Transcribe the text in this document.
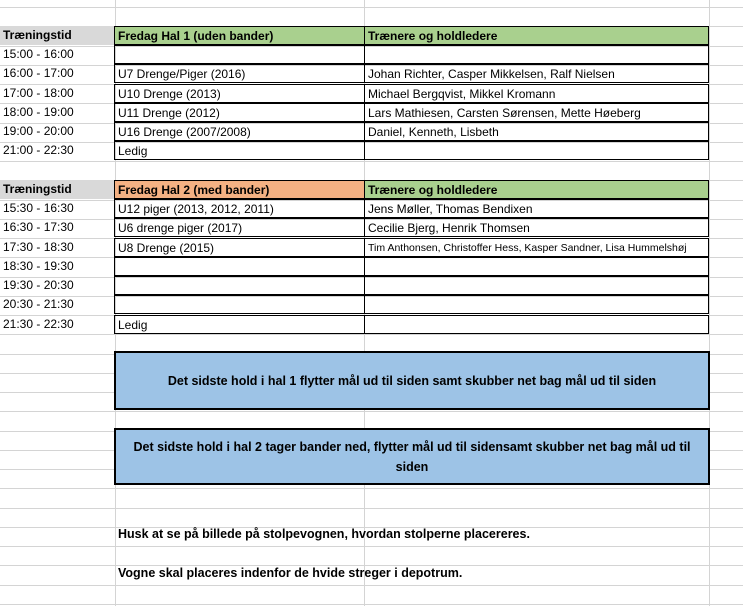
Træningstid	Fredag Hal 1 (uden bander)	Trænere og holdledere
15:00 - 16:00
16:00 - 17:00	U7 Drenge/Piger (2016)	Johan Richter, Casper Mikkelsen, Ralf Nielsen
17:00 - 18:00	U10 Drenge (2013)	Michael Bergqvist, Mikkel Kromann
18:00 - 19:00	U11 Drenge (2012)	Lars Mathiesen, Carsten Sørensen, Mette Høeberg
19:00 - 20:00	U16 Drenge (2007/2008)	Daniel, Kenneth, Lisbeth
21:00 - 22:30	Ledig
Træningstid	Fredag Hal 2 (med bander)	Trænere og holdledere
15:30 - 16:30	U12 piger (2013, 2012, 2011)	Jens Møller, Thomas Bendixen
16:30 - 17:30	U6 drenge piger (2017)	Cecilie Bjerg, Henrik Thomsen
17:30 - 18:30	U8 Drenge (2015)	Tim Anthonsen, Christoffer Hess, Kasper Sandner, Lisa Hummelshøj
18:30 - 19:30
19:30 - 20:30
20:30 - 21:30
21:30 - 22:30	Ledig
Det sidste hold i hal 1 flytter mål ud til siden samt skubber net bag mål ud til siden
Det sidste hold i hal 2 tager bander ned, flytter mål ud til sidensamt skubber net bag mål ud til siden
Husk at se på billede på stolpevognen, hvordan stolperne placereres.
Vogne skal placeres indenfor de hvide streger i depotrum.
